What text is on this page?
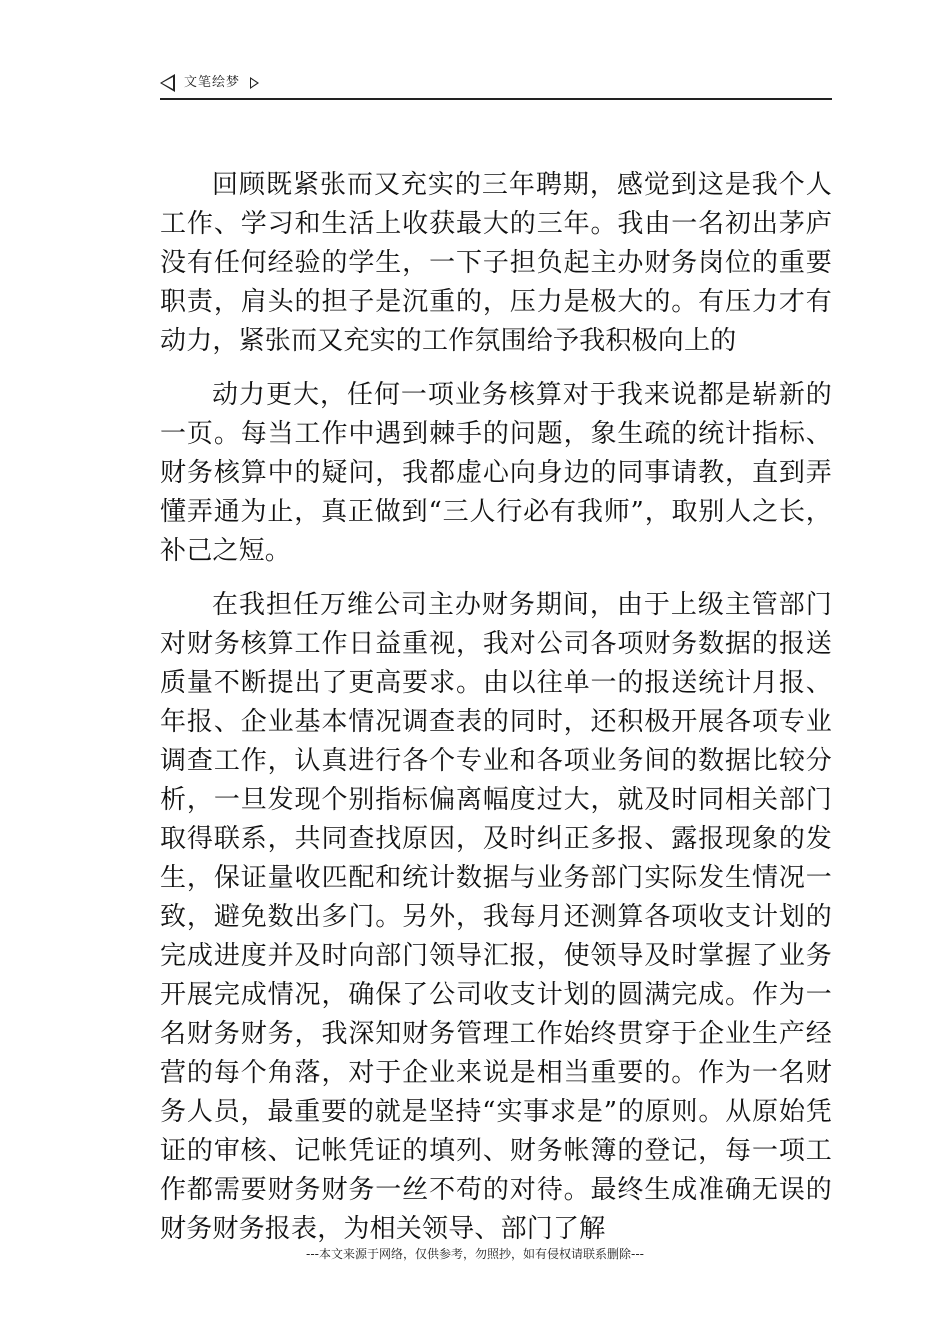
文笔绘梦

回顾既紧张而又充实的三年聘期，感觉到这是我个人工作、学习和生活上收获最大的三年。我由一名初出茅庐没有任何经验的学生，一下子担负起主办财务岗位的重要职责，肩头的担子是沉重的，压力是极大的。有压力才有动力，紧张而又充实的工作氛围给予我积极向上的

动力更大，任何一项业务核算对于我来说都是崭新的一页。每当工作中遇到棘手的问题，象生疏的统计指标、财务核算中的疑问，我都虚心向身边的同事请教，直到弄懂弄通为止，真正做到“三人行必有我师”，取别人之长，补己之短。

在我担任万维公司主办财务期间，由于上级主管部门对财务核算工作日益重视，我对公司各项财务数据的报送质量不断提出了更高要求。由以往单一的报送统计月报、年报、企业基本情况调查表的同时，还积极开展各项专业调查工作，认真进行各个专业和各项业务间的数据比较分析，一旦发现个别指标偏离幅度过大，就及时同相关部门取得联系，共同查找原因，及时纠正多报、露报现象的发生，保证量收匹配和统计数据与业务部门实际发生情况一致，避免数出多门。另外，我每月还测算各项收支计划的完成进度并及时向部门领导汇报，使领导及时掌握了业务开展完成情况，确保了公司收支计划的圆满完成。作为一名财务财务，我深知财务管理工作始终贯穿于企业生产经营的每个角落，对于企业来说是相当重要的。作为一名财务人员，最重要的就是坚持“实事求是”的原则。从原始凭证的审核、记帐凭证的填列、财务帐簿的登记，每一项工作都需要财务财务一丝不苟的对待。最终生成准确无误的财务财务报表，为相关领导、部门了解

---本文来源于网络，仅供参考，勿照抄，如有侵权请联系删除---
